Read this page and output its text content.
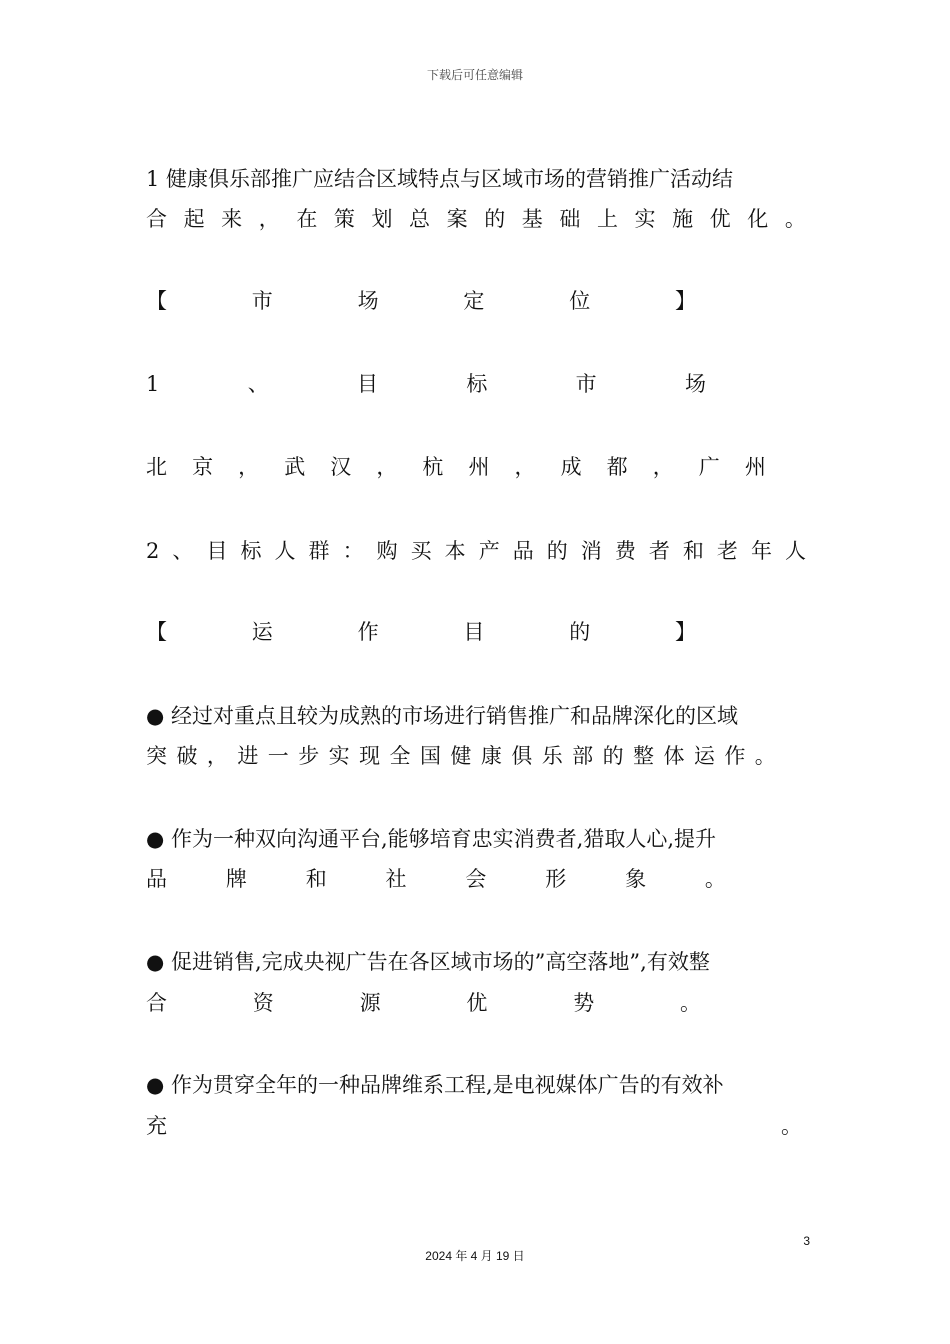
下载后可任意编辑
1 健康俱乐部推广应结合区域特点与区域市场的营销推广活动结
合 起 来 ， 在 策 划 总 案 的 基 础 上 实 施 优 化 。
【	市	场	定	位	】
1	、	目	标	市	场
北 京 ， 武 汉 ， 杭 州 ， 成 都 ， 广 州
2 、 目 标 人 群 ： 购 买 本 产 品 的 消 费 者 和 老 年 人
【	运	作	目	的	】
● 经过对重点且较为成熟的市场进行销售推广和品牌深化的区域
突 破 ， 进 一 步 实 现 全 国 健 康 俱 乐 部 的 整 体 运 作 。
● 作为一种双向沟通平台,能够培育忠实消费者,猎取人心,提升
品	牌	和	社	会	形	象	。
● 促进销售,完成央视广告在各区域市场的”高空落地”,有效整
合	资	源	优	势	。
● 作为贯穿全年的一种品牌维系工程,是电视媒体广告的有效补
充	。
3
2024 年 4 月 19 日
